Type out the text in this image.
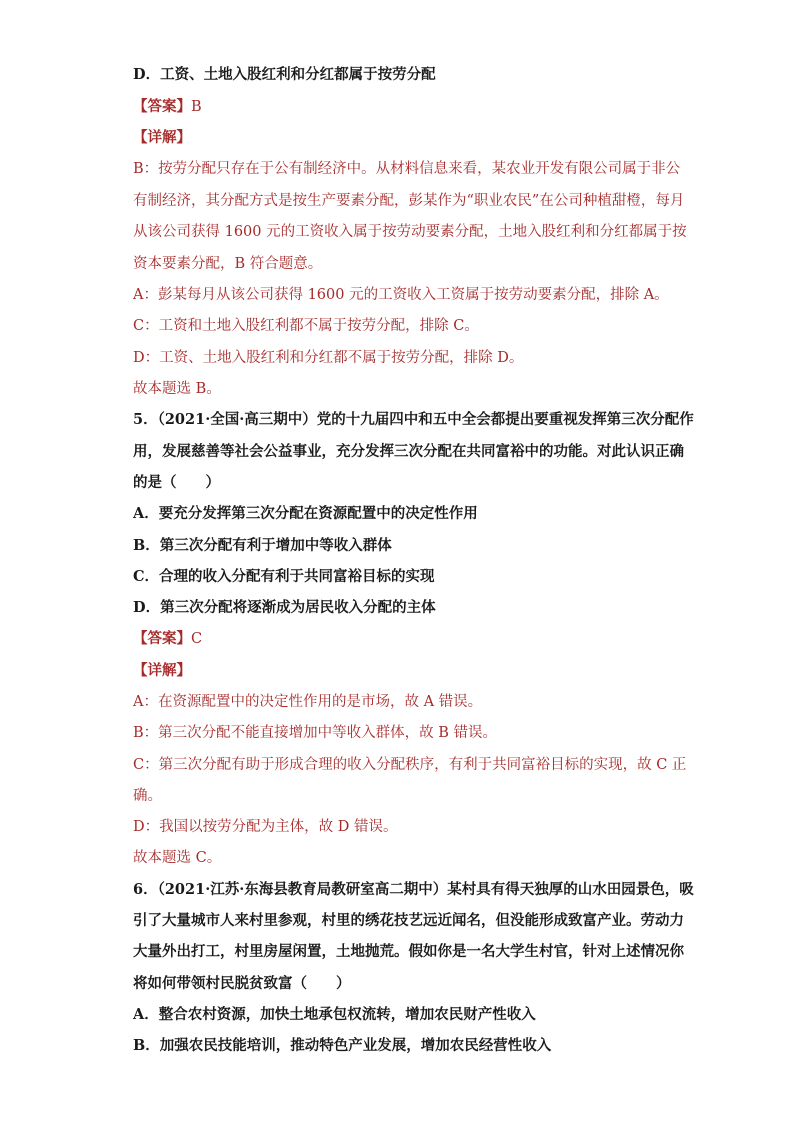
D．工资、土地入股红利和分红都属于按劳分配
【答案】B
【详解】
B：按劳分配只存在于公有制经济中。从材料信息来看，某农业开发有限公司属于非公
有制经济，其分配方式是按生产要素分配，彭某作为“职业农民”在公司种植甜橙，每月
从该公司获得 1600 元的工资收入属于按劳动要素分配，土地入股红利和分红都属于按
资本要素分配，B 符合题意。
A：彭某每月从该公司获得 1600 元的工资收入工资属于按劳动要素分配，排除 A。
C：工资和土地入股红利都不属于按劳分配，排除 C。
D：工资、土地入股红利和分红都不属于按劳分配，排除 D。
故本题选 B。
5．（2021·全国·高三期中）党的十九届四中和五中全会都提出要重视发挥第三次分配作
用，发展慈善等社会公益事业，充分发挥三次分配在共同富裕中的功能。对此认识正确
的是（　　）
A．要充分发挥第三次分配在资源配置中的决定性作用
B．第三次分配有利于增加中等收入群体
C．合理的收入分配有利于共同富裕目标的实现
D．第三次分配将逐渐成为居民收入分配的主体
【答案】C
【详解】
A：在资源配置中的决定性作用的是市场，故 A 错误。
B：第三次分配不能直接增加中等收入群体，故 B 错误。
C：第三次分配有助于形成合理的收入分配秩序，有利于共同富裕目标的实现，故 C 正
确。
D：我国以按劳分配为主体，故 D 错误。
故本题选 C。
6．（2021·江苏·东海县教育局教研室高二期中）某村具有得天独厚的山水田园景色，吸
引了大量城市人来村里参观，村里的绣花技艺远近闻名，但没能形成致富产业。劳动力
大量外出打工，村里房屋闲置，土地抛荒。假如你是一名大学生村官，针对上述情况你
将如何带领村民脱贫致富（　　）
A．整合农村资源，加快土地承包权流转，增加农民财产性收入
B．加强农民技能培训，推动特色产业发展，增加农民经营性收入
